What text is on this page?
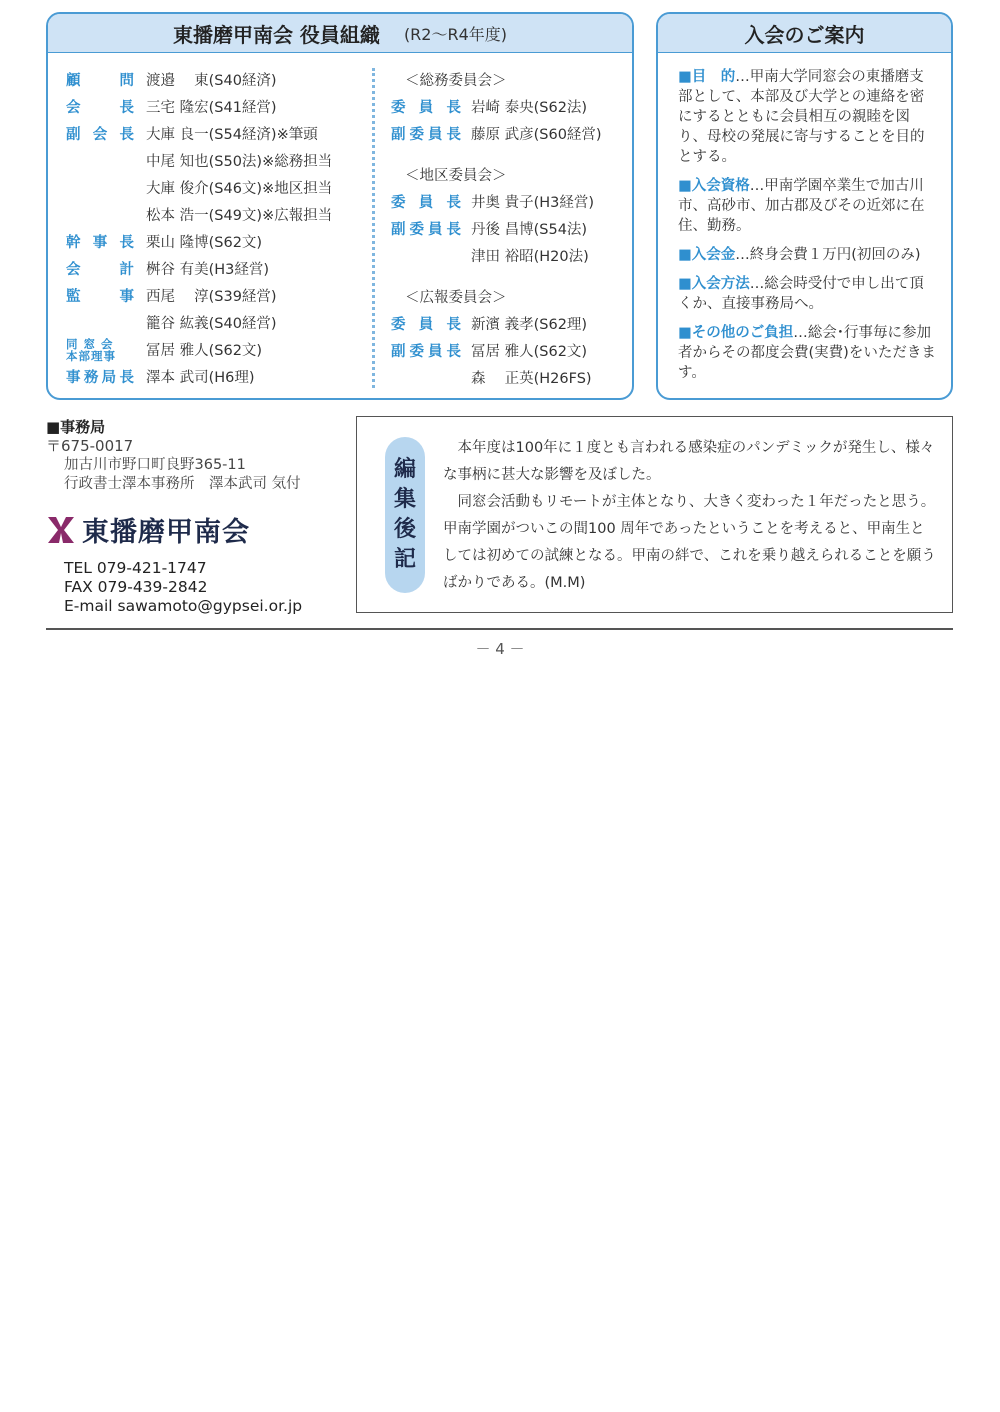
東播磨甲南会 役員組織 (R2〜R4年度)
顧	問 渡邉　 東(S40経済)
会	長 三宅 隆宏(S41経営)
副 会 長 大庫 良一(S54経済)※筆頭
中尾 知也(S50法)※総務担当
大庫 俊介(S46文)※地区担当
松本 浩一(S49文)※広報担当
幹 事 長 栗山 隆博(S62文)
会	計 桝谷 有美(H3経営)
監	事 西尾　 淳(S39経営)
籠谷 紘義(S40経営)
同 窓 会
本部理事	冨居 雅人(S62文)
事 務 局 長 澤本 武司(H6理)
＜総務委員会＞
委 員 長 岩崎 泰央(S62法)
副 委 員 長 藤原 武彦(S60経営)
＜地区委員会＞
委 員 長 井奥 貴子(H3経営)
副 委 員 長 丹後 昌博(S54法)
津田 裕昭(H20法)
＜広報委員会＞
委 員 長 新濱 義孝(S62理)
副 委 員 長 冨居 雅人(S62文)
森　 正英(H26FS)
入会のご案内
■目　的…甲南大学同窓会の東播磨支部として、本部及び大学との連絡を密にするとともに会員相互の親睦を図り、母校の発展に寄与することを目的とする。
■入会資格…甲南学園卒業生で加古川市、高砂市、加古郡及びその近郊に在住、勤務。
■入会金…終身会費１万円(初回のみ)
■入会方法…総会時受付で申し出て頂くか、直接事務局へ。
■その他のご負担…総会･行事毎に参加者からその都度会費(実費)をいただきます。
■事務局
〒675-0017
加古川市野口町良野365-11
行政書士澤本事務所　澤本武司 気付
東播磨甲南会
TEL 079-421-1747
FAX 079-439-2842
E-mail sawamoto@gypsei.or.jp
編
集
後
記
本年度は100年に１度とも言われる感染症のパンデミックが発生し、様々な事柄に甚大な影響を及ぼした。
同窓会活動もリモートが主体となり、大きく変わった１年だったと思う。甲南学園がついこの間100 周年であったということを考えると、甲南生としては初めての試練となる。甲南の絆で、これを乗り越えられることを願うばかりである。(M.M)
－ 4 －
